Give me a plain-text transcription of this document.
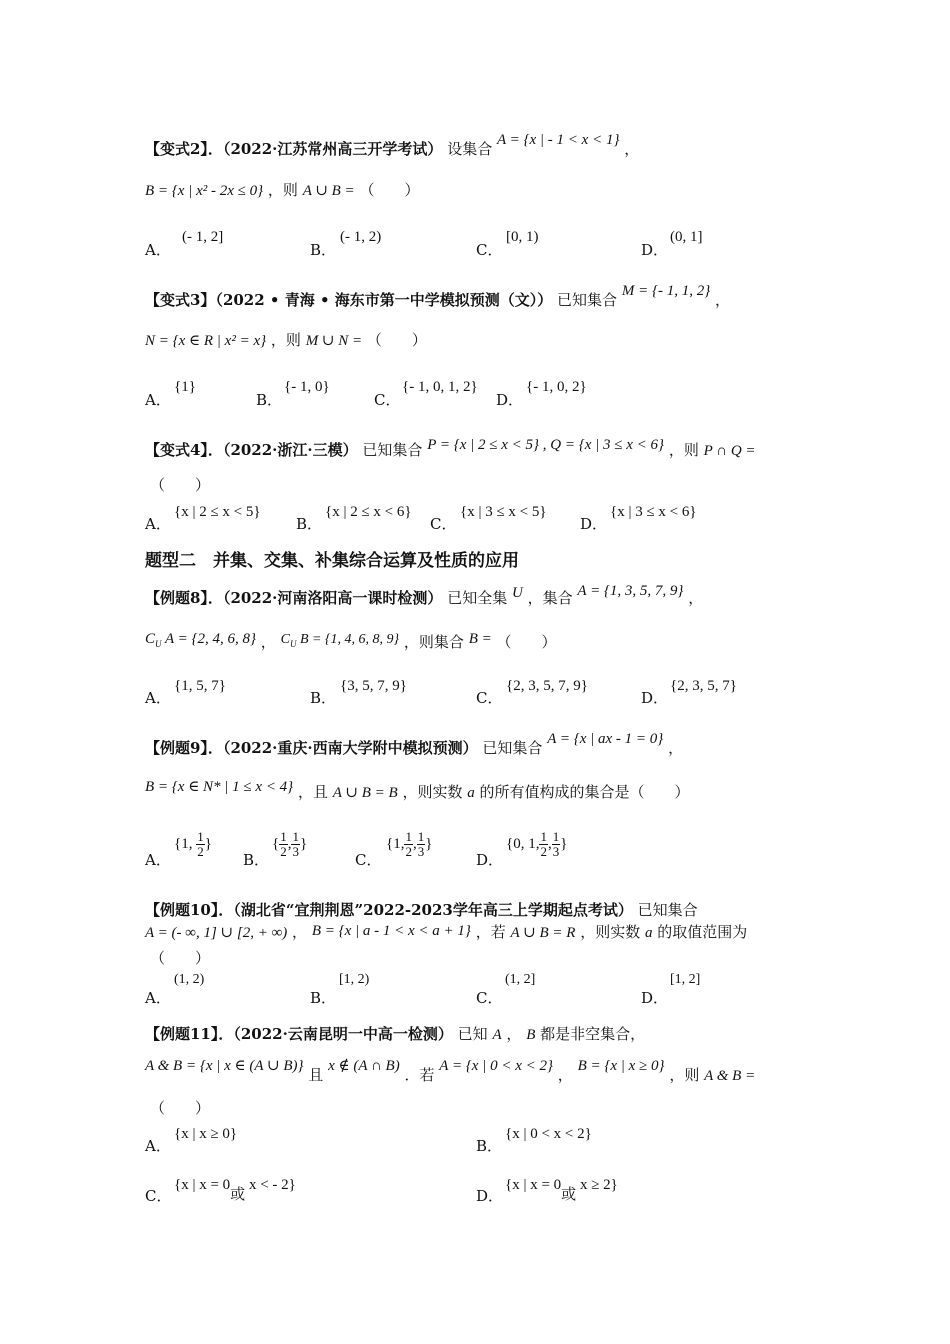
【变式2】．（2022·江苏常州高三开学考试） 设集合 A = {x | - 1 < x < 1} ，
B = {x | x² - 2x ≤ 0} ，则 A ∪ B = （　　）
A．
(- 1, 2]
B．
(- 1, 2)
C．
[0, 1)
D．
(0, 1]
【变式3】（2022 • 青海 • 海东市第一中学模拟预测（文）） 已知集合 M = {- 1, 1, 2} ，
N = {x ∈ R | x² = x} ，则 M ∪ N = （　　）
A．
{1}
B．
{- 1, 0}
C．
{- 1, 0, 1, 2}
D．
{- 1, 0, 2}
【变式4】．（2022·浙江·三模） 已知集合 P = {x | 2 ≤ x < 5} , Q = {x | 3 ≤ x < 6} ，则 P ∩ Q =
（　　）
A．
{x | 2 ≤ x < 5}
B．
{x | 2 ≤ x < 6}
C．
{x | 3 ≤ x < 5}
D．
{x | 3 ≤ x < 6}
题型二　并集、交集、补集综合运算及性质的应用
【例题8】．（2022·河南洛阳高一课时检测） 已知全集 U ，集合 A = {1, 3, 5, 7, 9} ，
$C_U$ A = {2, 4, 6, 8} ， $C_U$ B = {1, 4, 6, 8, 9} ，则集合 B = （　　）
A．
{1, 5, 7}
B．
{3, 5, 7, 9}
C．
{2, 3, 5, 7, 9}
D．
{2, 3, 5, 7}
【例题9】．（2022·重庆·西南大学附中模拟预测） 已知集合 A = {x | ax - 1 = 0} ，
B = {x ∈ N* | 1 ≤ x < 4} ，且 A ∪ B = B ，则实数 a 的所有值构成的集合是（　　）
A．
{1, $\frac{1}{2}$ }
B．
{ $\frac{1}{2}$ , $\frac{1}{3}$ }
C．
{1, $\frac{1}{2}$ , $\frac{1}{3}$ }
D．
{0, 1, $\frac{1}{2}$ , $\frac{1}{3}$ }
【例题10】．（湖北省“宜荆荆恩”2022-2023学年高三上学期起点考试） 已知集合
A = (- ∞, 1] ∪ [2, + ∞) ， B = {x | a - 1 < x < a + 1} ，若 A ∪ B = R ，则实数 a 的取值范围为
（　　）
A．
(1, 2)
B．
[1, 2)
C．
(1, 2]
D．
[1, 2]
【例题11】．（2022·云南昆明一中高一检测） 已知 A ， B 都是非空集合，
A & B = {x | x ∈ (A ∪ B)} 且 x ∉ (A ∩ B) ．若 A = {x | 0 < x < 2} ， B = {x | x ≥ 0} ，则 A & B =
（　　）
A．
{x | x ≥ 0}
B．
{x | 0 < x < 2}
C．
{x | x = 0或 x < - 2}
D．
{x | x = 0或 x ≥ 2}
